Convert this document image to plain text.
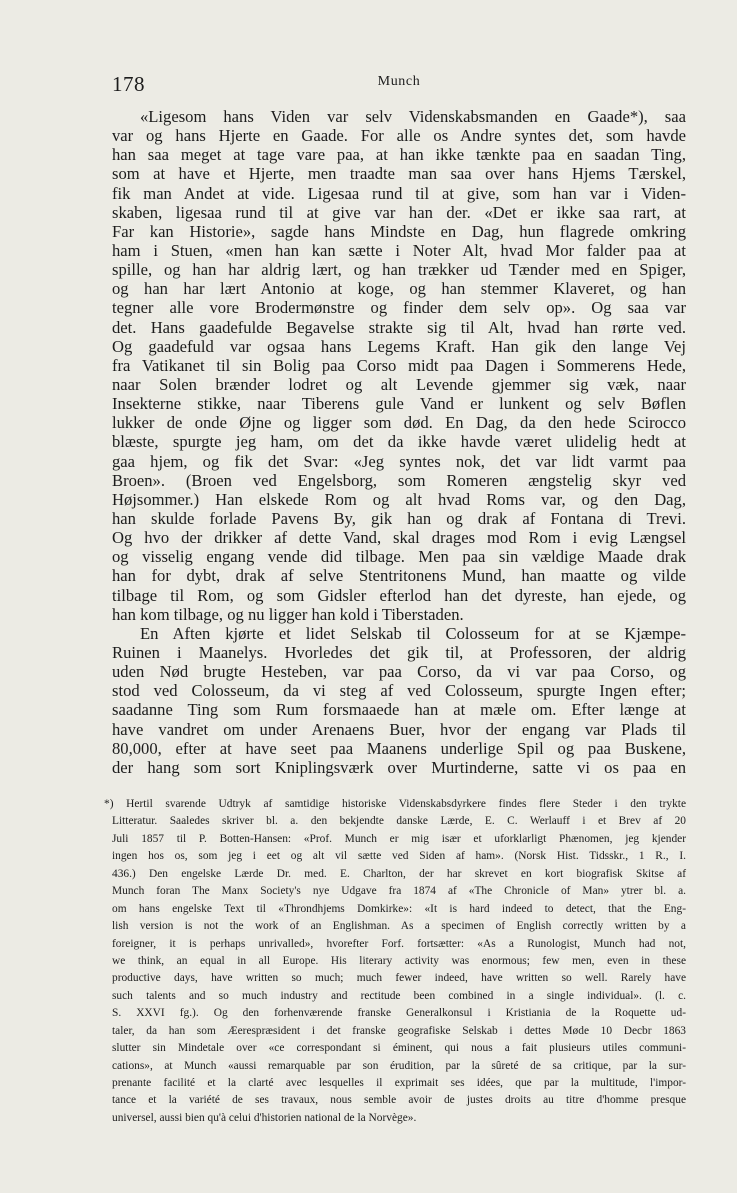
178	Munch
«Ligesom hans Viden var selv Videnskabsmanden en Gaade*), saa
var og hans Hjerte en Gaade. For alle os Andre syntes det, som havde
han saa meget at tage vare paa, at han ikke tænkte paa en saadan Ting,
som at have et Hjerte, men traadte man saa over hans Hjems Tærskel,
fik man Andet at vide. Ligesaa rund til at give, som han var i Viden-
skaben, ligesaa rund til at give var han der. «Det er ikke saa rart, at
Far kan Historie», sagde hans Mindste en Dag, hun flagrede omkring
ham i Stuen, «men han kan sætte i Noter Alt, hvad Mor falder paa at
spille, og han har aldrig lært, og han trækker ud Tænder med en Spiger,
og han har lært Antonio at koge, og han stemmer Klaveret, og han
tegner alle vore Brodermønstre og finder dem selv op». Og saa var
det. Hans gaadefulde Begavelse strakte sig til Alt, hvad han rørte ved.
Og gaadefuld var ogsaa hans Legems Kraft. Han gik den lange Vej
fra Vatikanet til sin Bolig paa Corso midt paa Dagen i Sommerens Hede,
naar Solen brænder lodret og alt Levende gjemmer sig væk, naar
Insekterne stikke, naar Tiberens gule Vand er lunkent og selv Bøflen
lukker de onde Øjne og ligger som død. En Dag, da den hede Scirocco
blæste, spurgte jeg ham, om det da ikke havde været ulidelig hedt at
gaa hjem, og fik det Svar: «Jeg syntes nok, det var lidt varmt paa
Broen». (Broen ved Engelsborg, som Romeren ængstelig skyr ved
Højsommer.) Han elskede Rom og alt hvad Roms var, og den Dag,
han skulde forlade Pavens By, gik han og drak af Fontana di Trevi.
Og hvo der drikker af dette Vand, skal drages mod Rom i evig Længsel
og visselig engang vende did tilbage. Men paa sin vældige Maade drak
han for dybt, drak af selve Stentritonens Mund, han maatte og vilde
tilbage til Rom, og som Gidsler efterlod han det dyreste, han ejede, og
han kom tilbage, og nu ligger han kold i Tiberstaden.
En Aften kjørte et lidet Selskab til Colosseum for at se Kjæmpe-
Ruinen i Maanelys. Hvorledes det gik til, at Professoren, der aldrig
uden Nød brugte Hesteben, var paa Corso, da vi var paa Corso, og
stod ved Colosseum, da vi steg af ved Colosseum, spurgte Ingen efter;
saadanne Ting som Rum forsmaaede han at mæle om. Efter længe at
have vandret om under Arenaens Buer, hvor der engang var Plads til
80,000, efter at have seet paa Maanens underlige Spil og paa Buskene,
der hang som sort Kniplingsværk over Murtinderne, satte vi os paa en
*) Hertil svarende Udtryk af samtidige historiske Videnskabsdyrkere findes flere Steder i den trykte
Litteratur. Saaledes skriver bl. a. den bekjendte danske Lærde, E. C. Werlauff i et Brev af 20
Juli 1857 til P. Botten-Hansen: «Prof. Munch er mig især et uforklarligt Phænomen, jeg kjender
ingen hos os, som jeg i eet og alt vil sætte ved Siden af ham». (Norsk Hist. Tidsskr., 1 R., I.
436.) Den engelske Lærde Dr. med. E. Charlton, der har skrevet en kort biografisk Skitse af
Munch foran The Manx Society's nye Udgave fra 1874 af «The Chronicle of Man» ytrer bl. a.
om hans engelske Text til «Throndhjems Domkirke»: «It is hard indeed to detect, that the Eng-
lish version is not the work of an Englishman. As a specimen of English correctly written by a
foreigner, it is perhaps unrivalled», hvorefter Forf. fortsætter: «As a Runologist, Munch had not,
we think, an equal in all Europe. His literary activity was enormous; few men, even in these
productive days, have written so much; much fewer indeed, have written so well. Rarely have
such talents and so much industry and rectitude been combined in a single individual». (l. c.
S. XXVI fg.). Og den forhenværende franske Generalkonsul i Kristiania de la Roquette ud-
taler, da han som Æerespræsident i det franske geografiske Selskab i dettes Møde 10 Decbr 1863
slutter sin Mindetale over «ce correspondant si éminent, qui nous a fait plusieurs utiles communi-
cations», at Munch «aussi remarquable par son érudition, par la sûreté de sa critique, par la sur-
prenante facilité et la clarté avec lesquelles il exprimait ses idées, que par la multitude, l'impor-
tance et la variété de ses travaux, nous semble avoir de justes droits au titre d'homme presque
universel, aussi bien qu'à celui d'historien national de la Norvège».
